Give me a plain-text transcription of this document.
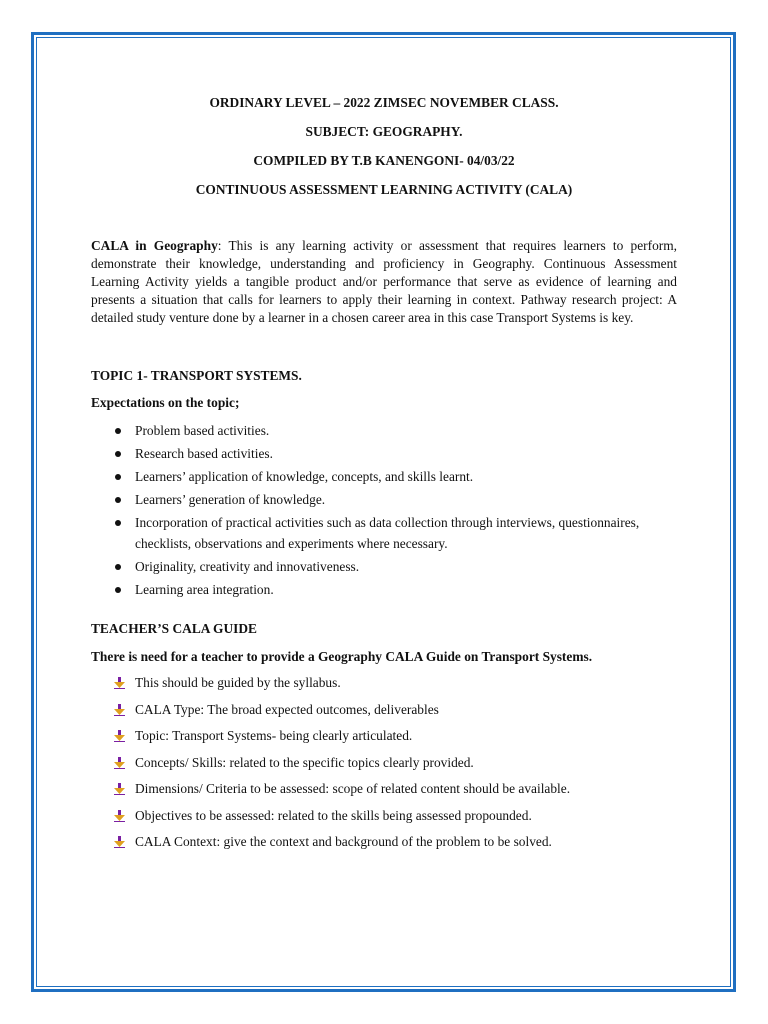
ORDINARY LEVEL – 2022 ZIMSEC NOVEMBER CLASS.

SUBJECT: GEOGRAPHY.

COMPILED BY T.B KANENGONI- 04/03/22

CONTINUOUS ASSESSMENT LEARNING ACTIVITY (CALA)

CALA in Geography: This is any learning activity or assessment that requires learners to perform, demonstrate their knowledge, understanding and proficiency in Geography. Continuous Assessment Learning Activity yields a tangible product and/or performance that serve as evidence of learning and presents a situation that calls for learners to apply their learning in context. Pathway research project: A detailed study venture done by a learner in a chosen career area in this case Transport Systems is key.

TOPIC 1- TRANSPORT SYSTEMS.

Expectations on the topic;

Problem based activities.
Research based activities.
Learners’ application of knowledge, concepts, and skills learnt.
Learners’ generation of knowledge.
Incorporation of practical activities such as data collection through interviews, questionnaires, checklists, observations and experiments where necessary.
Originality, creativity and innovativeness.
Learning area integration.

TEACHER’S CALA GUIDE

There is need for a teacher to provide a Geography CALA Guide on Transport Systems.

This should be guided by the syllabus.
CALA Type: The broad expected outcomes, deliverables
Topic: Transport Systems- being clearly articulated.
Concepts/ Skills: related to the specific topics clearly provided.
Dimensions/ Criteria to be assessed: scope of related content should be available.
Objectives to be assessed: related to the skills being assessed propounded.
CALA Context: give the context and background of the problem to be solved.
